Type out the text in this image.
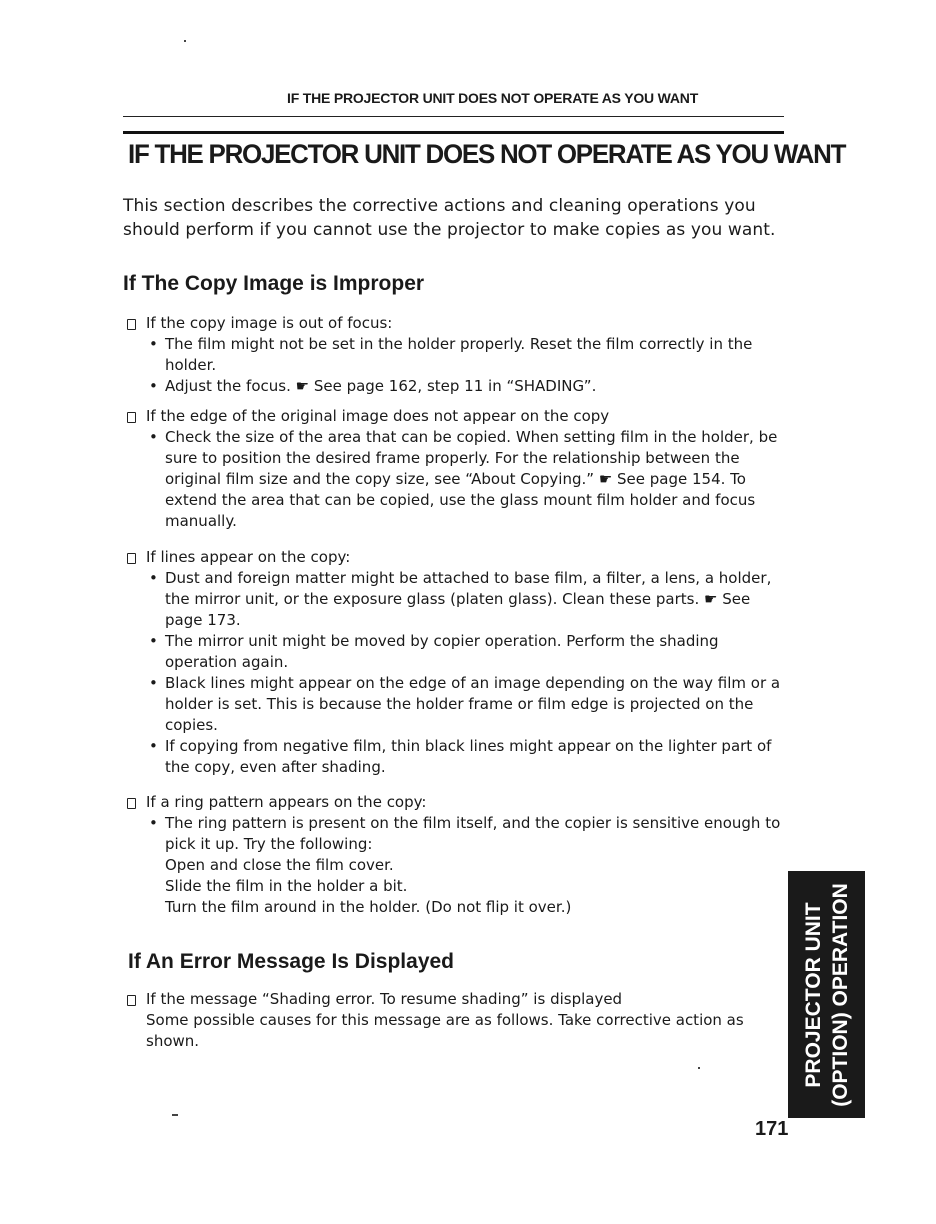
IF THE PROJECTOR UNIT DOES NOT OPERATE AS YOU WANT
IF THE PROJECTOR UNIT DOES NOT OPERATE AS YOU WANT
This section describes the corrective actions and cleaning operations you should perform if you cannot use the projector to make copies as you want.
If The Copy Image is Improper
If the copy image is out of focus:
• The film might not be set in the holder properly. Reset the film correctly in the holder.
• Adjust the focus. ☛ See page 162, step 11 in “SHADING”.
If the edge of the original image does not appear on the copy
• Check the size of the area that can be copied. When setting film in the holder, be sure to position the desired frame properly. For the relationship between the original film size and the copy size, see “About Copying.” ☛ See page 154. To extend the area that can be copied, use the glass mount film holder and focus manually.
If lines appear on the copy:
• Dust and foreign matter might be attached to base film, a filter, a lens, a holder, the mirror unit, or the exposure glass (platen glass). Clean these parts. ☛ See page 173.
• The mirror unit might be moved by copier operation. Perform the shading operation again.
• Black lines might appear on the edge of an image depending on the way film or a holder is set. This is because the holder frame or film edge is projected on the copies.
• If copying from negative film, thin black lines might appear on the lighter part of the copy, even after shading.
If a ring pattern appears on the copy:
• The ring pattern is present on the film itself, and the copier is sensitive enough to pick it up. Try the following:
Open and close the film cover.
Slide the film in the holder a bit.
Turn the film around in the holder. (Do not flip it over.)
If An Error Message Is Displayed
If the message “Shading error. To resume shading” is displayed
Some possible causes for this message are as follows. Take corrective action as shown.	PROJECTOR UNIT (OPTION) OPERATION
171
